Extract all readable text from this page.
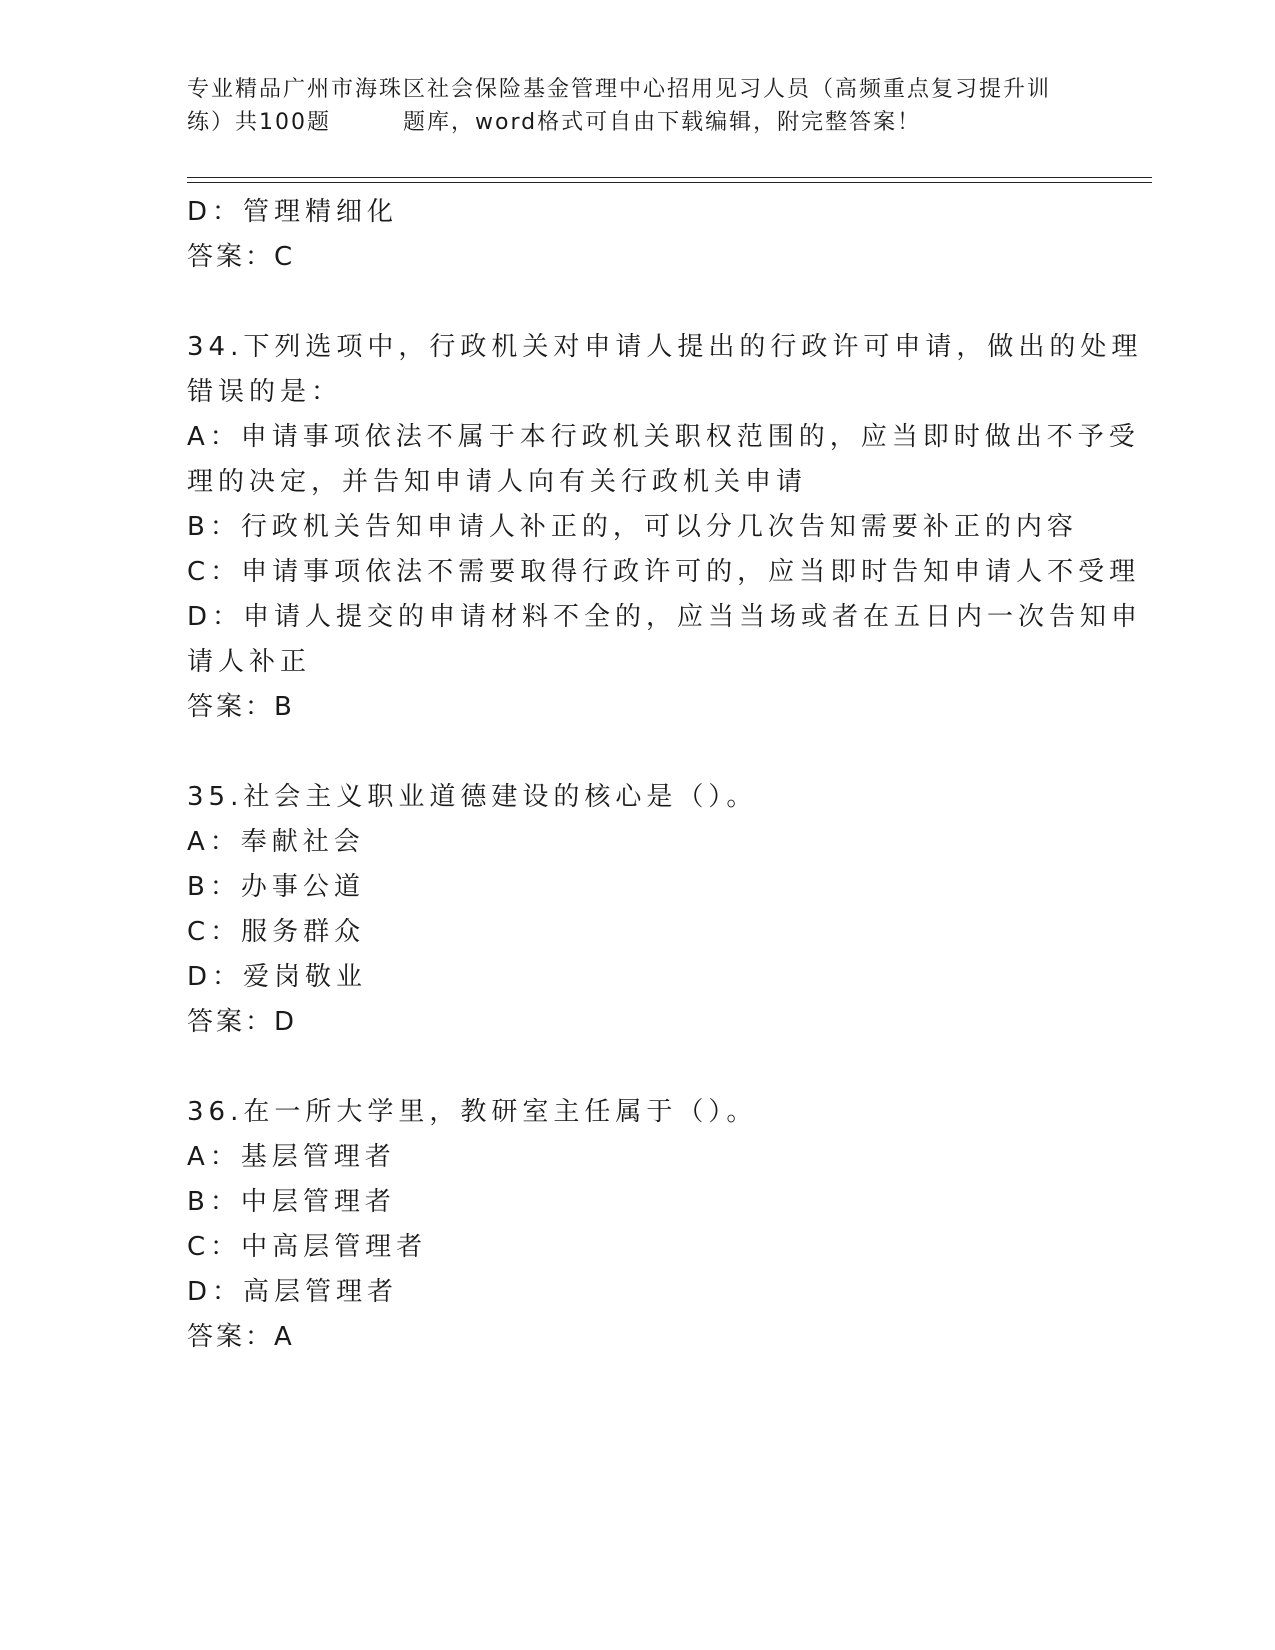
专业精品广州市海珠区社会保险基金管理中心招用见习人员（高频重点复习提升训
练）共100题　　　题库，word格式可自由下载编辑，附完整答案！
D：管理精细化
答案：C
34.下列选项中，行政机关对申请人提出的行政许可申请，做出的处理
错误的是：
A：申请事项依法不属于本行政机关职权范围的，应当即时做出不予受
理的决定，并告知申请人向有关行政机关申请
B：行政机关告知申请人补正的，可以分几次告知需要补正的内容
C：申请事项依法不需要取得行政许可的，应当即时告知申请人不受理
D：申请人提交的申请材料不全的，应当当场或者在五日内一次告知申
请人补正
答案：B
35.社会主义职业道德建设的核心是（）。
A：奉献社会
B：办事公道
C：服务群众
D：爱岗敬业
答案：D
36.在一所大学里，教研室主任属于（）。
A：基层管理者
B：中层管理者
C：中高层管理者
D：高层管理者
答案：A
